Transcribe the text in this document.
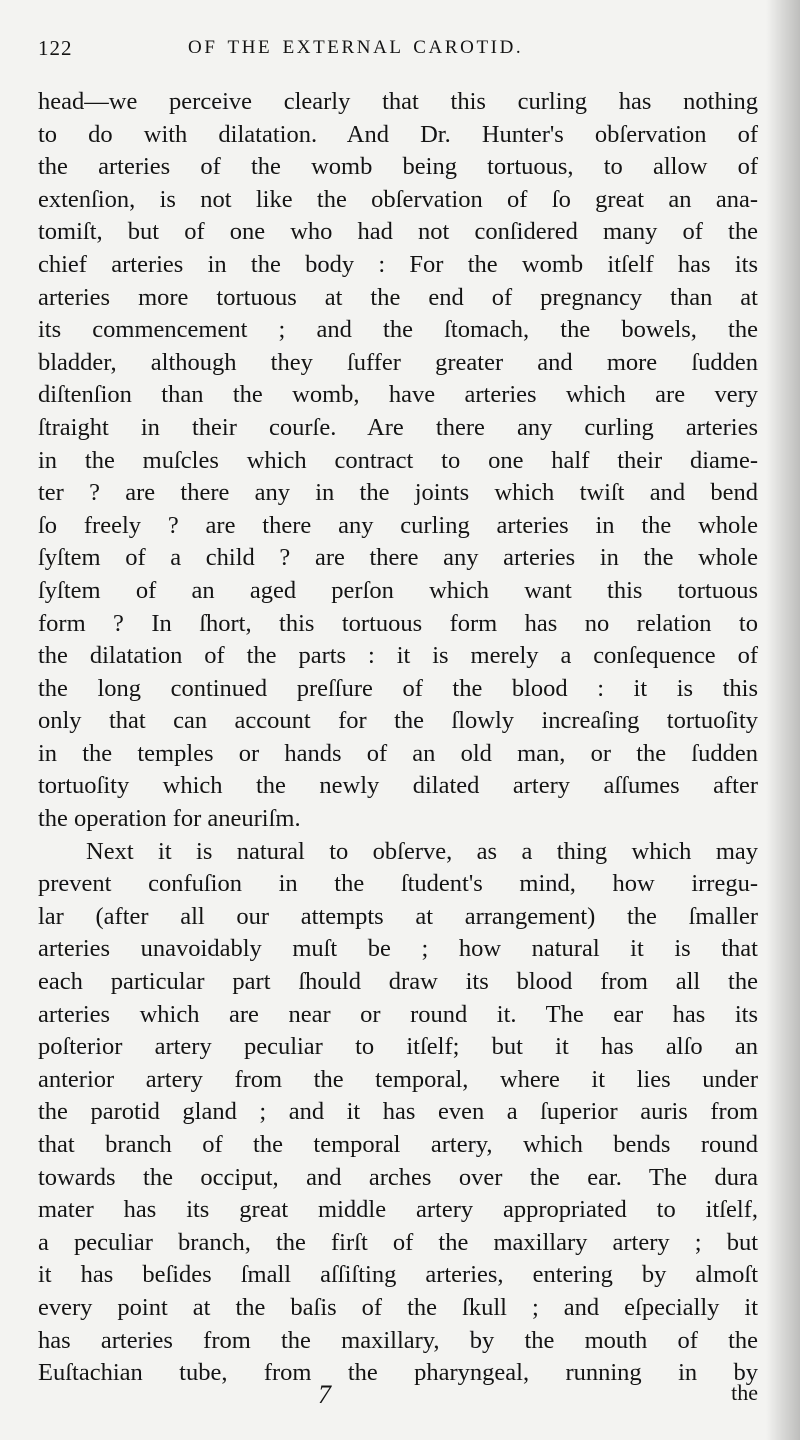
122	OF THE EXTERNAL CAROTID.
head—we perceive clearly that this curling has nothing
to do with dilatation. And Dr. Hunter's obſervation of
the arteries of the womb being tortuous, to allow of
extenſion, is not like the obſervation of ſo great an ana-
tomiſt, but of one who had not conſidered many of the
chief arteries in the body : For the womb itſelf has its
arteries more tortuous at the end of pregnancy than at
its commencement ; and the ſtomach, the bowels, the
bladder, although they ſuffer greater and more ſudden
diſtenſion than the womb, have arteries which are very
ſtraight in their courſe. Are there any curling arteries
in the muſcles which contract to one half their diame-
ter ? are there any in the joints which twiſt and bend
ſo freely ? are there any curling arteries in the whole
ſyſtem of a child ? are there any arteries in the whole
ſyſtem of an aged perſon which want this tortuous
form ? In ſhort, this tortuous form has no relation to
the dilatation of the parts : it is merely a conſequence of
the long continued preſſure of the blood : it is this
only that can account for the ſlowly increaſing tortuoſity
in the temples or hands of an old man, or the ſudden
tortuoſity which the newly dilated artery aſſumes after
the operation for aneuriſm.
Next it is natural to obſerve, as a thing which may
prevent confuſion in the ſtudent's mind, how irregu-
lar (after all our attempts at arrangement) the ſmaller
arteries unavoidably muſt be ; how natural it is that
each particular part ſhould draw its blood from all the
arteries which are near or round it. The ear has its
poſterior artery peculiar to itſelf; but it has alſo an
anterior artery from the temporal, where it lies under
the parotid gland ; and it has even a ſuperior auris from
that branch of the temporal artery, which bends round
towards the occiput, and arches over the ear. The dura
mater has its great middle artery appropriated to itſelf,
a peculiar branch, the firſt of the maxillary artery ; but
it has beſides ſmall aſſiſting arteries, entering by almoſt
every point at the baſis of the ſkull ; and eſpecially it
has arteries from the maxillary, by the mouth of the
Euſtachian tube, from the pharyngeal, running in by
7	the
